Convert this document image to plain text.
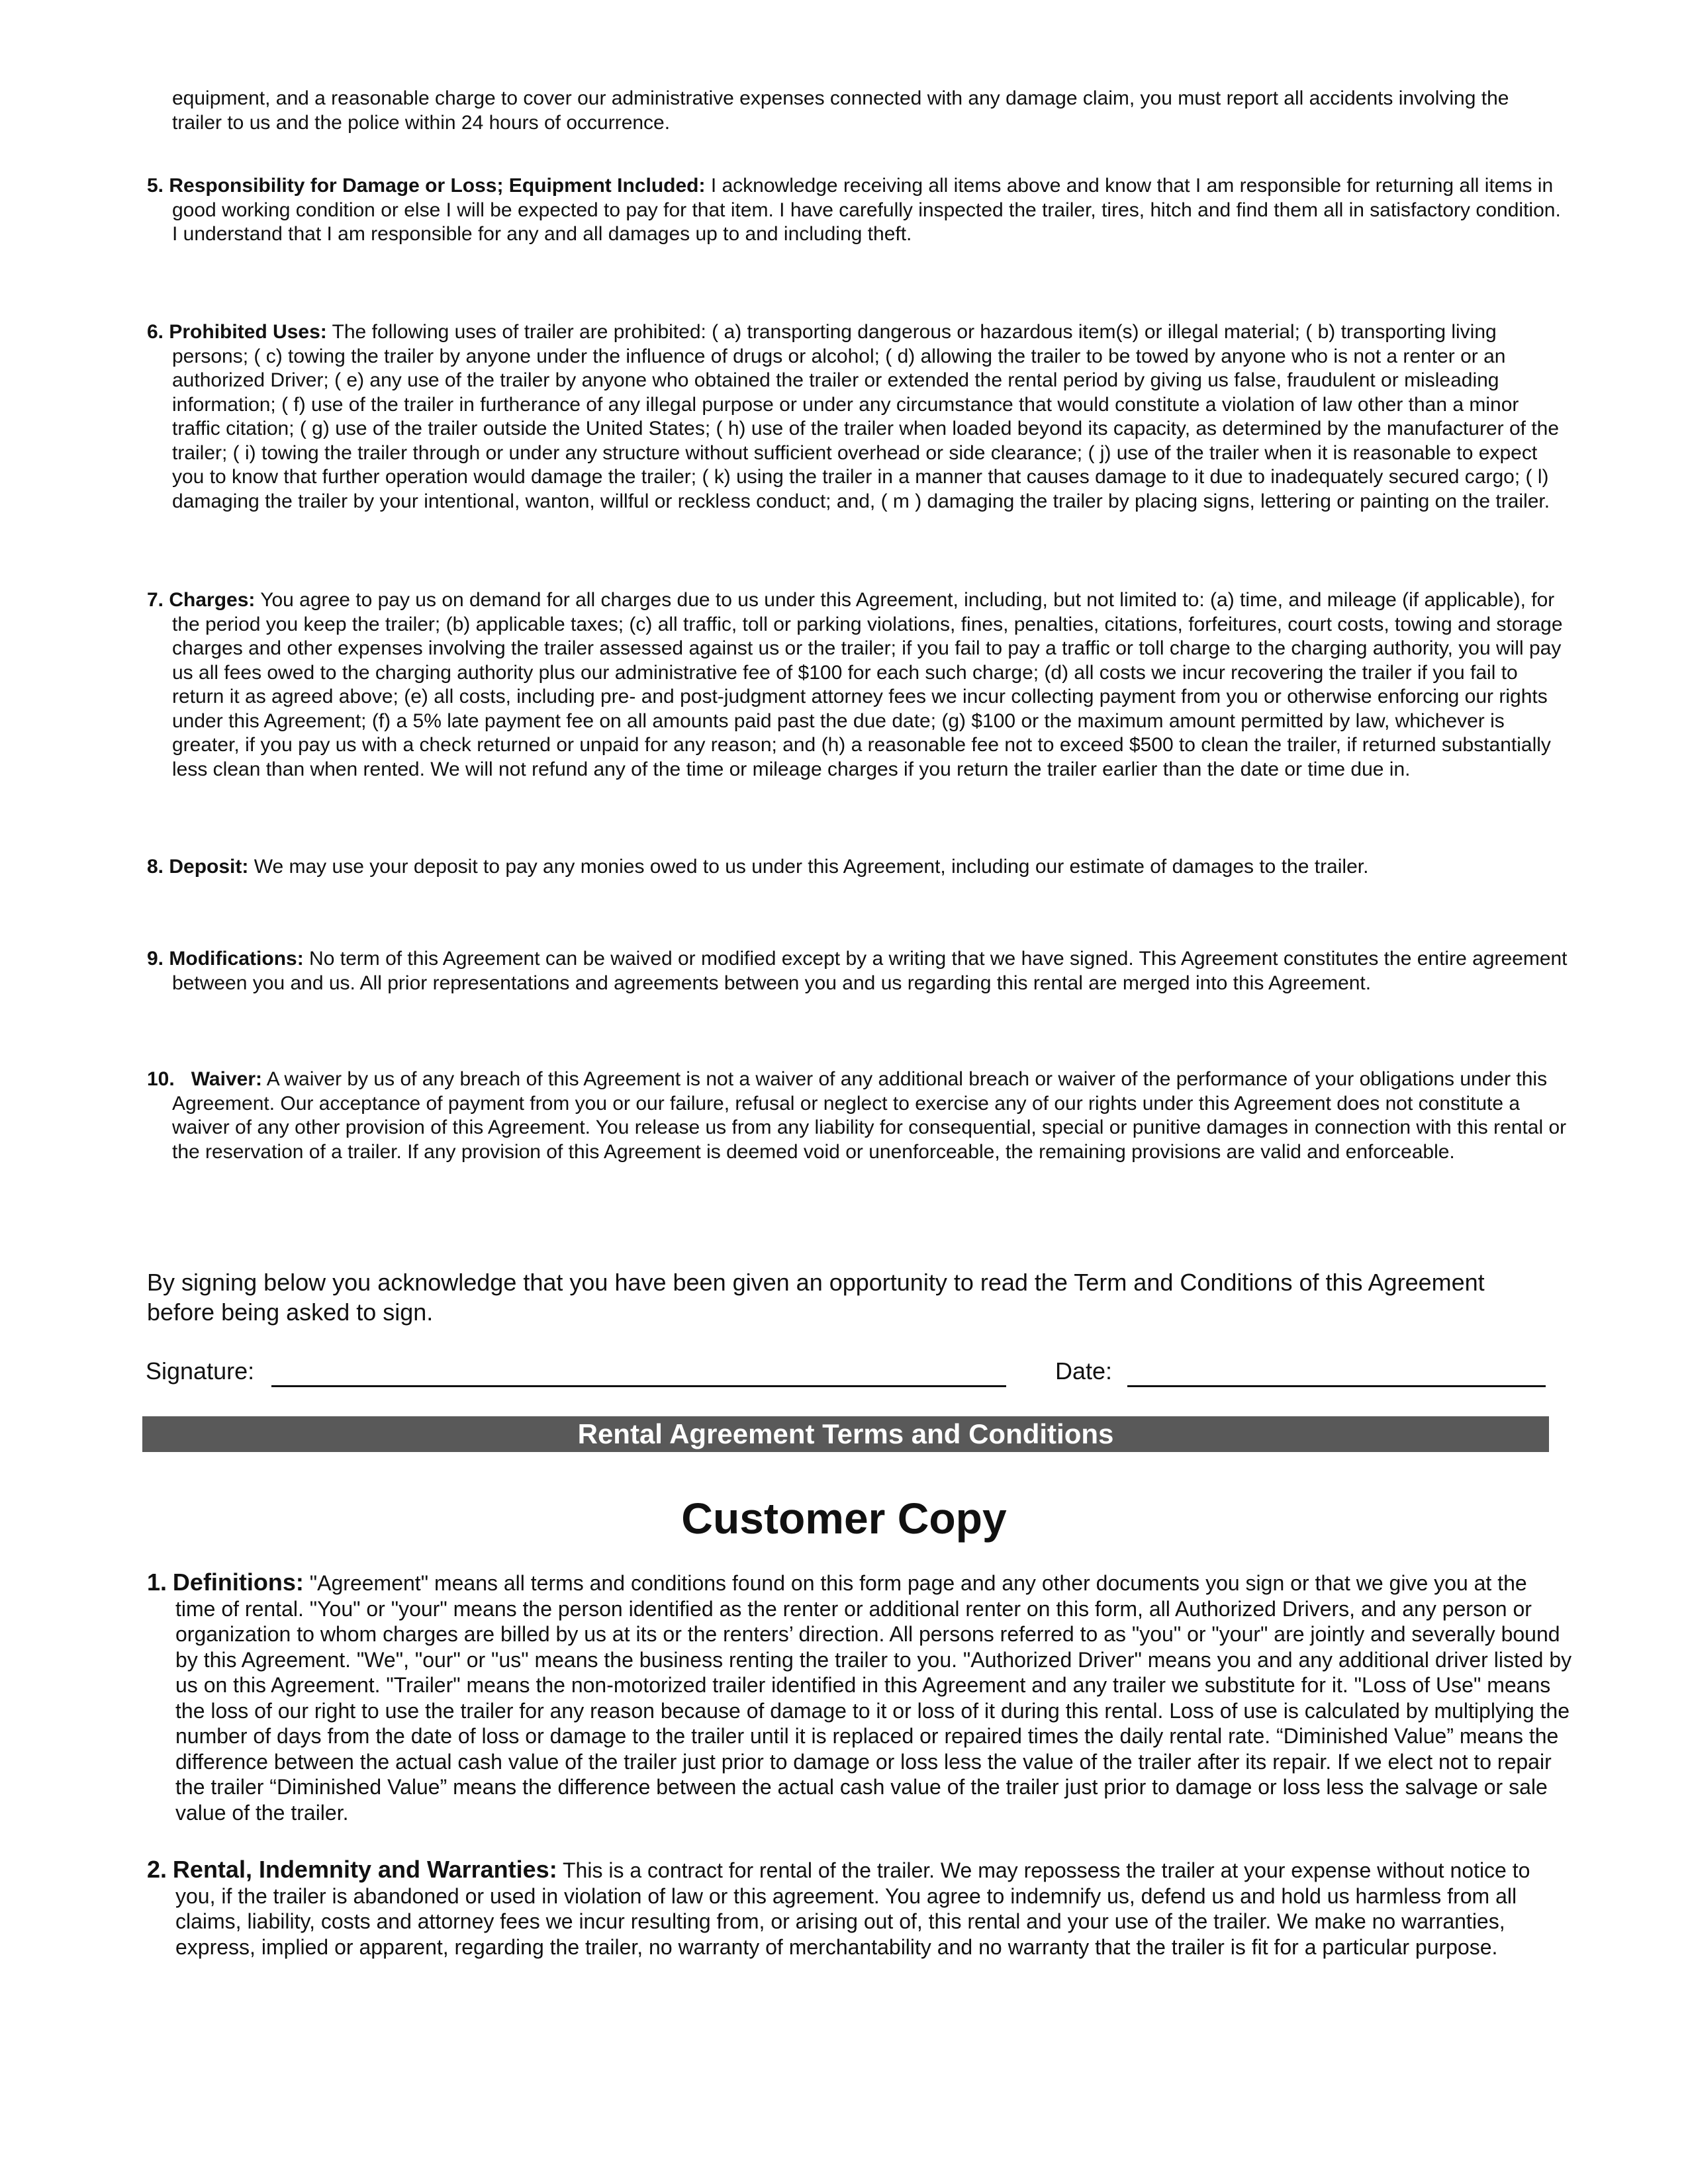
equipment, and a reasonable charge to cover our administrative expenses connected with any damage claim, you must report all accidents involving the trailer to us and the police within 24 hours of occurrence.
5. Responsibility for Damage or Loss; Equipment Included: I acknowledge receiving all items above and know that I am responsible for returning all items in good working condition or else I will be expected to pay for that item. I have carefully inspected the trailer, tires, hitch and find them all in satisfactory condition. I understand that I am responsible for any and all damages up to and including theft.
6. Prohibited Uses: The following uses of trailer are prohibited: ( a) transporting dangerous or hazardous item(s) or illegal material; ( b) transporting living persons; ( c) towing the trailer by anyone under the influence of drugs or alcohol; ( d) allowing the trailer to be towed by anyone who is not a renter or an authorized Driver; ( e) any use of the trailer by anyone who obtained the trailer or extended the rental period by giving us false, fraudulent or misleading information; ( f) use of the trailer in furtherance of any illegal purpose or under any circumstance that would constitute a violation of law other than a minor traffic citation; ( g) use of the trailer outside the United States; ( h) use of the trailer when loaded beyond its capacity, as determined by the manufacturer of the trailer; ( i) towing the trailer through or under any structure without sufficient overhead or side clearance; ( j) use of the trailer when it is reasonable to expect you to know that further operation would damage the trailer; ( k) using the trailer in a manner that causes damage to it due to inadequately secured cargo; ( l) damaging the trailer by your intentional, wanton, willful or reckless conduct; and, ( m ) damaging the trailer by placing signs, lettering or painting on the trailer.
7. Charges: You agree to pay us on demand for all charges due to us under this Agreement, including, but not limited to: (a) time, and mileage (if applicable), for the period you keep the trailer; (b) applicable taxes; (c) all traffic, toll or parking violations, fines, penalties, citations, forfeitures, court costs, towing and storage charges and other expenses involving the trailer assessed against us or the trailer; if you fail to pay a traffic or toll charge to the charging authority, you will pay us all fees owed to the charging authority plus our administrative fee of $100 for each such charge; (d) all costs we incur recovering the trailer if you fail to return it as agreed above; (e) all costs, including pre- and post-judgment attorney fees we incur collecting payment from you or otherwise enforcing our rights under this Agreement; (f) a 5% late payment fee on all amounts paid past the due date; (g) $100 or the maximum amount permitted by law, whichever is greater, if you pay us with a check returned or unpaid for any reason; and (h) a reasonable fee not to exceed $500 to clean the trailer, if returned substantially less clean than when rented. We will not refund any of the time or mileage charges if you return the trailer earlier than the date or time due in.
8. Deposit: We may use your deposit to pay any monies owed to us under this Agreement, including our estimate of damages to the trailer.
9. Modifications: No term of this Agreement can be waived or modified except by a writing that we have signed. This Agreement constitutes the entire agreement between you and us. All prior representations and agreements between you and us regarding this rental are merged into this Agreement.
10. Waiver: A waiver by us of any breach of this Agreement is not a waiver of any additional breach or waiver of the performance of your obligations under this Agreement. Our acceptance of payment from you or our failure, refusal or neglect to exercise any of our rights under this Agreement does not constitute a waiver of any other provision of this Agreement. You release us from any liability for consequential, special or punitive damages in connection with this rental or the reservation of a trailer. If any provision of this Agreement is deemed void or unenforceable, the remaining provisions are valid and enforceable.
By signing below you acknowledge that you have been given an opportunity to read the Term and Conditions of this Agreement before being asked to sign.
Signature:	Date:
Rental Agreement Terms and Conditions
Customer Copy
1. Definitions: "Agreement" means all terms and conditions found on this form page and any other documents you sign or that we give you at the time of rental. "You" or "your" means the person identified as the renter or additional renter on this form, all Authorized Drivers, and any person or organization to whom charges are billed by us at its or the renters’ direction. All persons referred to as "you" or "your" are jointly and severally bound by this Agreement. "We", "our" or "us" means the business renting the trailer to you. "Authorized Driver" means you and any additional driver listed by us on this Agreement. "Trailer" means the non-motorized trailer identified in this Agreement and any trailer we substitute for it. "Loss of Use" means the loss of our right to use the trailer for any reason because of damage to it or loss of it during this rental. Loss of use is calculated by multiplying the number of days from the date of loss or damage to the trailer until it is replaced or repaired times the daily rental rate. “Diminished Value” means the difference between the actual cash value of the trailer just prior to damage or loss less the value of the trailer after its repair. If we elect not to repair the trailer “Diminished Value” means the difference between the actual cash value of the trailer just prior to damage or loss less the salvage or sale value of the trailer.
2. Rental, Indemnity and Warranties: This is a contract for rental of the trailer. We may repossess the trailer at your expense without notice to you, if the trailer is abandoned or used in violation of law or this agreement. You agree to indemnify us, defend us and hold us harmless from all claims, liability, costs and attorney fees we incur resulting from, or arising out of, this rental and your use of the trailer. We make no warranties, express, implied or apparent, regarding the trailer, no warranty of merchantability and no warranty that the trailer is fit for a particular purpose.
